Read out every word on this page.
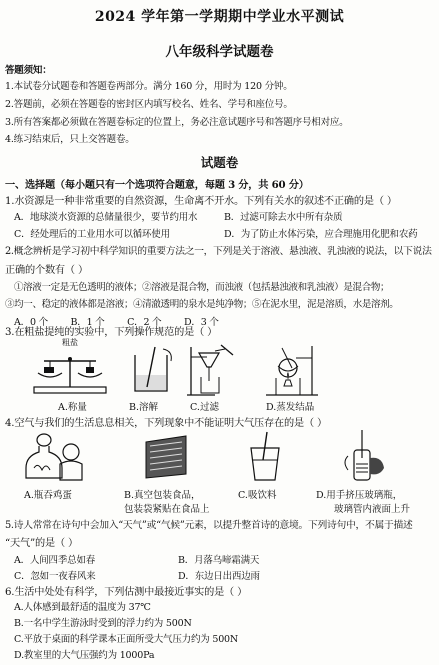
2024 学年第一学期期中学业水平测试
八年级科学试题卷
答题须知：
1.本试卷分试题卷和答题卷两部分。满分 160 分，用时为 120 分钟。
2.答题前，必须在答题卷的密封区内填写校名、姓名、学号和座位号。
3.所有答案都必须做在答题卷标定的位置上，务必注意试题序号和答题序号相对应。
4.练习结束后，只上交答题卷。
试题卷
一、选择题（每小题只有一个选项符合题意，每题 3 分，共 60 分）
1.水资源是一种非常重要的自然资源，生命离不开水。下列有关水的叙述不正确的是（ ）
A．地球淡水资源的总储量很少，要节约用水	B．过滤可除去水中所有杂质
C．经处理后的工业用水可以循环使用	D．为了防止水体污染，应合理施用化肥和农药
2.概念辨析是学习初中科学知识的重要方法之一，下列是关于溶液、悬浊液、乳浊液的说法，以下说法
正确的个数有（ ）
①溶液一定是无色透明的液体；②溶液是混合物，而浊液（包括悬浊液和乳浊液）是混合物；
③均一、稳定的液体都是溶液；④清澈透明的泉水是纯净物；⑤在泥水里，泥是溶质，水是溶剂。
A．0 个        B．1 个        C．2 个        D．3 个
3.在粗盐提纯的实验中，下列操作规范的是（ ）
粗盐
A.称量	B.溶解	C.过滤	D.蒸发结晶
4.空气与我们的生活息息相关，下列现象中不能证明大气压存在的是（ ）
A.瓶吞鸡蛋	B.真空包装食品，
包装袋紧贴在食品上
C.吸饮料	D.用手挤压玻璃瓶，
玻璃管内液面上升
5.诗人常常在诗句中会加入“天气”或“气候”元素，以提升整首诗的意境。下列诗句中，不属于描述
“天气”的是（ ）
A．人间四季总如春	B．月落乌啼霜满天
C．忽如一夜春风来	D．东边日出西边雨
6.生活中处处有科学，下列估测中最接近事实的是（ ）
A.人体感到最舒适的温度为 37℃
B.一名中学生游泳时受到的浮力约为 500N
C.平放于桌面的科学课本正面所受大气压力约为 500N
D.教室里的大气压强约为 1000Pa
